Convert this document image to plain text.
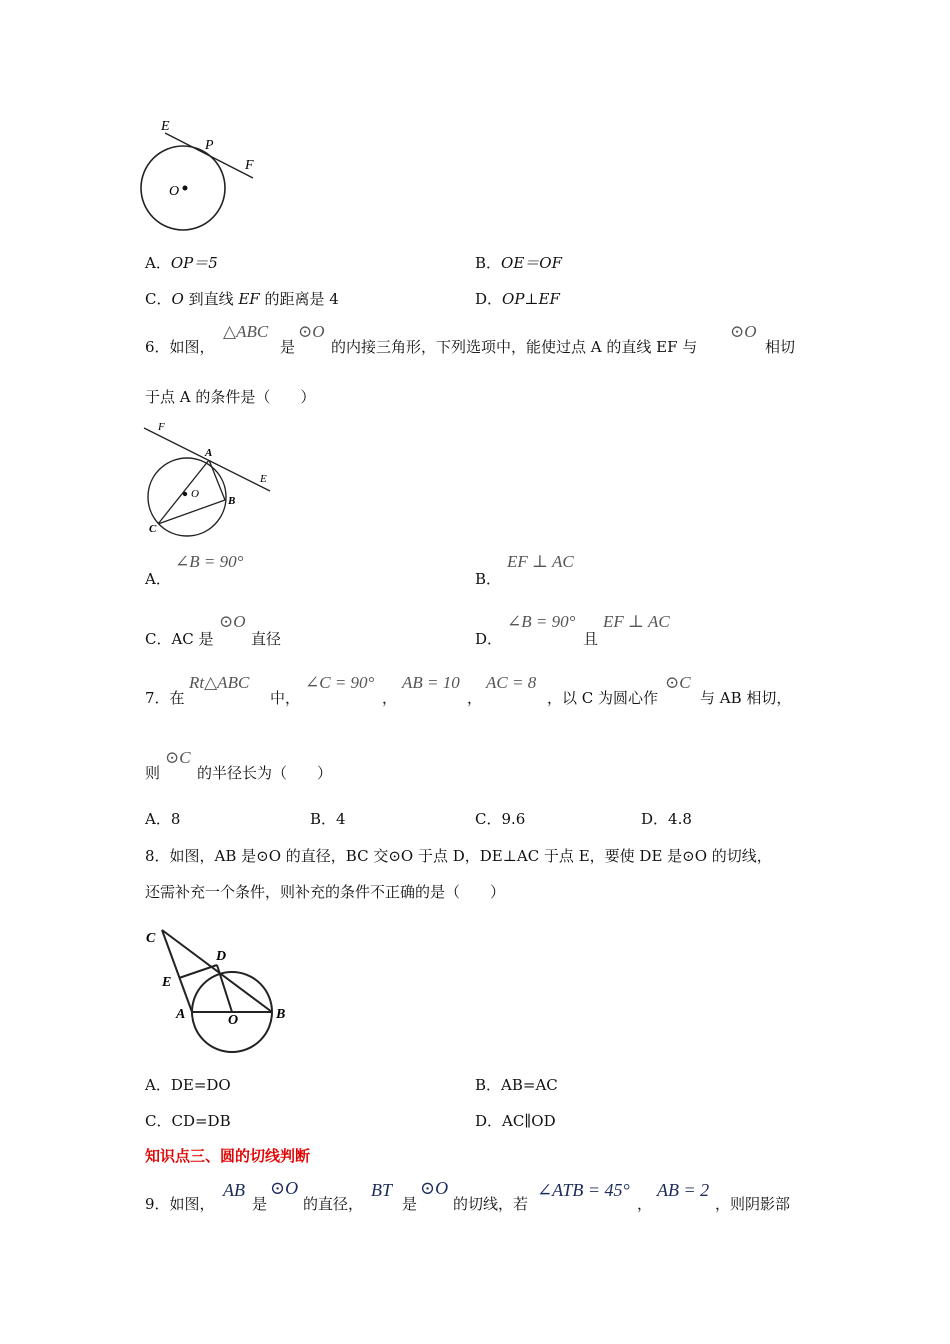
E
P
F
O
A．OP＝5	B．OE＝OF
C．O 到直线 EF 的距离是 4	D．OP⊥EF
6．如图，
△ABC
是
⊙O
的内接三角形，下列选项中，能使过点 A 的直线 EF 与
⊙O
相切
于点 A 的条件是（　　）
F
A
E
O
B
C
A．
∠B = 90°
B．
EF ⊥ AC
C．AC 是
⊙O
直径	D．
∠B = 90°
且
EF ⊥ AC
7．在
Rt△ABC
中，
∠C = 90°
，
AB = 10
，
AC = 8
，以 C 为圆心作
⊙C
与 AB 相切，
则
⊙C
的半径长为（　　）
A．8	B．4	C．9.6	D．4.8
8．如图，AB 是⊙O 的直径，BC 交⊙O 于点 D，DE⊥AC 于点 E，要使 DE 是⊙O 的切线，
还需补充一个条件，则补充的条件不正确的是（　　）
C
D
E
A	O	B
A．DE=DO	B．AB=AC
C．CD=DB	D．AC∥OD
知识点三、圆的切线判断
9．如图，
AB
是
⊙O
的直径，
BT
是
⊙O
的切线，若
∠ATB = 45°
，
AB = 2
，则阴影部
